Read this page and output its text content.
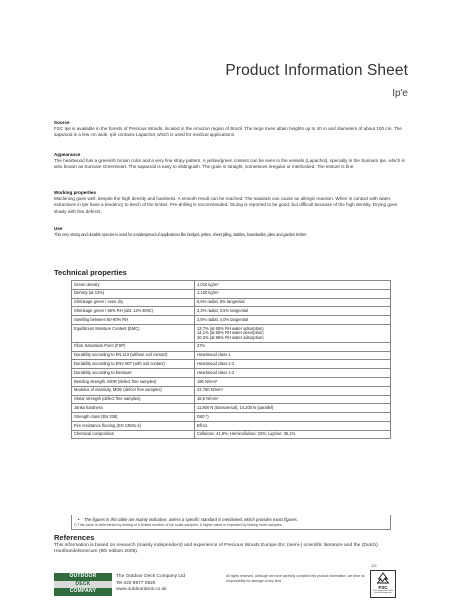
Product Information Sheet
Ip'e
Source

FSC Ipe is available in the forests of Precious Woods, located in the Amazon region of Brazil. The large trees attain heights up to 40 m and diameters of about 100 cm. The sapwood is a few cm wide. Ipê contains Lapachol, which is used for medical applications.

Appearance

The heartwood has a greenish brown color and a very fine stripy pattern. A yellow/green content can be seen in the vessels (Lapachol), specially in the Surinam Ipe, which is also known as Surinam Greenheart. The sapwood is easy to distinguish. The grain is straight, sometimes irregular or interlocked. The texture is fine.

Working properties

Machining goes well, despite the high density and hardness. A smooth result can be reached. The sawdust can cause an allergic reaction. When in contact with water, extractives in Ipe have a tendency to leech of the timber. Pre-drilling is recommended. Gluing is reported to be good, but difficult because of the high density. Drying goes slowly with few defects.

Use

This very strong and durable species is used for a widespread of applications like bridges, jetties, sheet piling, stables, boardwalks, piles and garden timber.

Technical properties
Green density	1.010 kg/m³

Density (at 12%)	1.100 kg/m³

Shrinkage green / oven dry	6,6% radial; 8% tangential

Shrinkage green / 65% RH (abt. 12% EMC)	2,3% radial; 3,5% tangential

Swelling between 60-90% RH	2,8% radial; 4,0% tangential

Equilibrium Moisture Content (EMC)	13,7% (at 65% RH water adsorption)
14,1% (at 65% RH water desorption)
20,2% (at 95% RH water adsorption)

Fibre Saturation Point (FSP)	27%

Durability according to EN 113 (without soil contact)	Heartwood class 1

Durability according to ENV 807 (with soil contact)	Heartwood class 1-2

Durability according to literature	Heartwood class 1-2

Bending strength, MOR (defect free samples)	196 N/mm²

Modulus of elasticity, MOE (defect free samples)	22.760 N/mm²

Shear strength (defect free samples)	18,5 N/mm²

Janka hardness	11.800 N (transversal); 14.200 N (parallel)

Strength class (EN 338)	D60 *)

Fire resistance flooring (EN 13501-1)	Bfl-s1

Chemical composition	Cellulose: 41,9%; Hemicellulose: 23%; Lignine: 35,1%
• The figures in this table are mainly indicative, unless a specific standard is mentioned, which provides exact figures.
*) This value is determined by testing of a limited number of full scale samples. A higher value is expected by testing more samples.
References
This information is based on research (mainly independent) and experience of Precious Woods Europe BV, (semi-) scientific literature and the (Dutch) Houthandelsmecum (9th edition 2005).
1/2
OUTDOOR
DECK
COMPANY
The Outdoor Deck Company Ltd
Tel 020 8977 0820
www.outdoordeck.co.uk
All rights reserved. Although we have carefully compiled this product information, we bear no responsibility for damage of any kind.
FSC
Promoting responsible forest management
